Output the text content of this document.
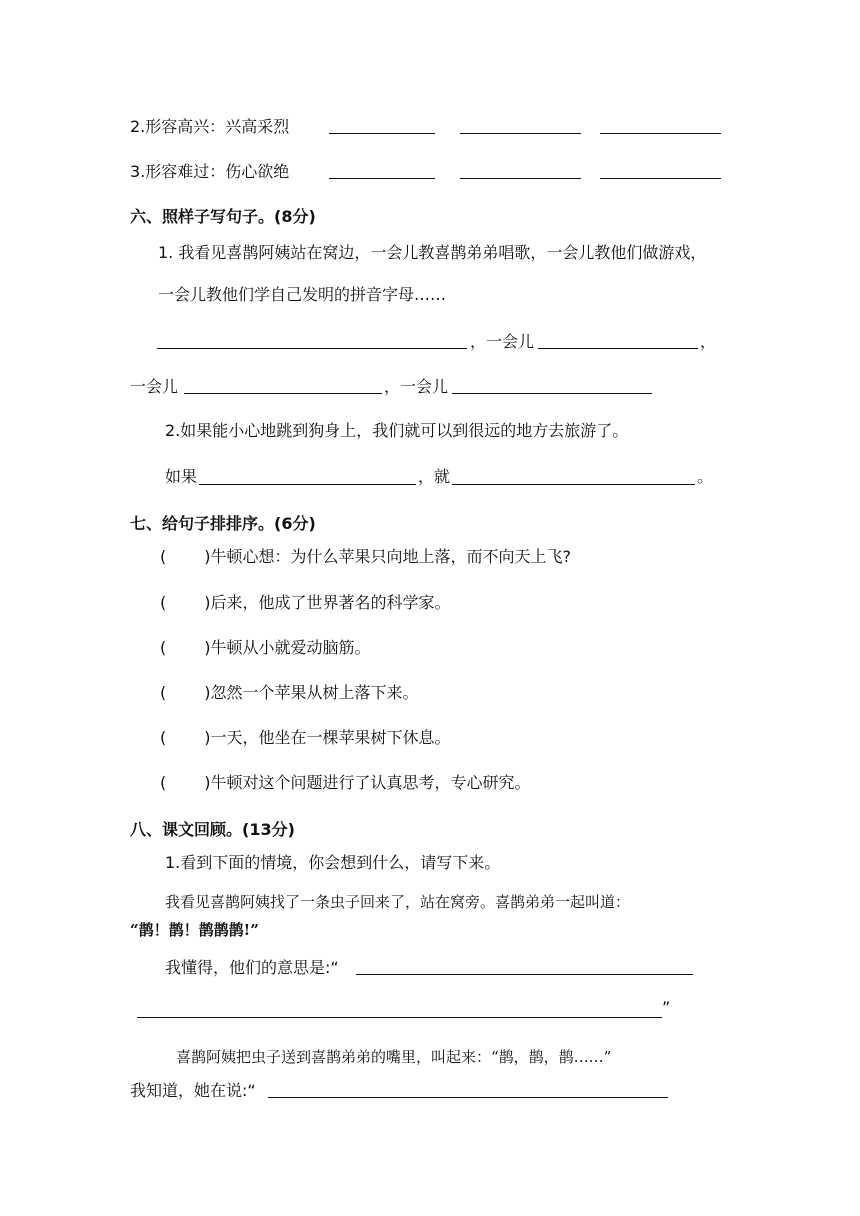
2.形容高兴：兴高采烈
3.形容难过：伤心欲绝
六、照样子写句子。(8分)
1. 我看见喜鹊阿姨站在窝边，一会儿教喜鹊弟弟唱歌，一会儿教他们做游戏，
一会儿教他们学自己发明的拼音字母……
，一会儿	，
一会儿	，一会儿
2.如果能小心地跳到狗身上，我们就可以到很远的地方去旅游了。
如果	，就	。
七、给句子排排序。(6分)
( )牛顿心想：为什么苹果只向地上落，而不向天上飞?
( )后来，他成了世界著名的科学家。
( )牛顿从小就爱动脑筋。
( )忽然一个苹果从树上落下来。
( )一天，他坐在一棵苹果树下休息。
( )牛顿对这个问题进行了认真思考，专心研究。
八、课文回顾。(13分)
1.看到下面的情境，你会想到什么，请写下来。
我看见喜鹊阿姨找了一条虫子回来了，站在窝旁。喜鹊弟弟一起叫道：
“鹊！鹊！鹊鹊鹊!”
我懂得，他们的意思是:“
”
喜鹊阿姨把虫子送到喜鹊弟弟的嘴里，叫起来：“鹊，鹊，鹊……”
我知道，她在说:“
